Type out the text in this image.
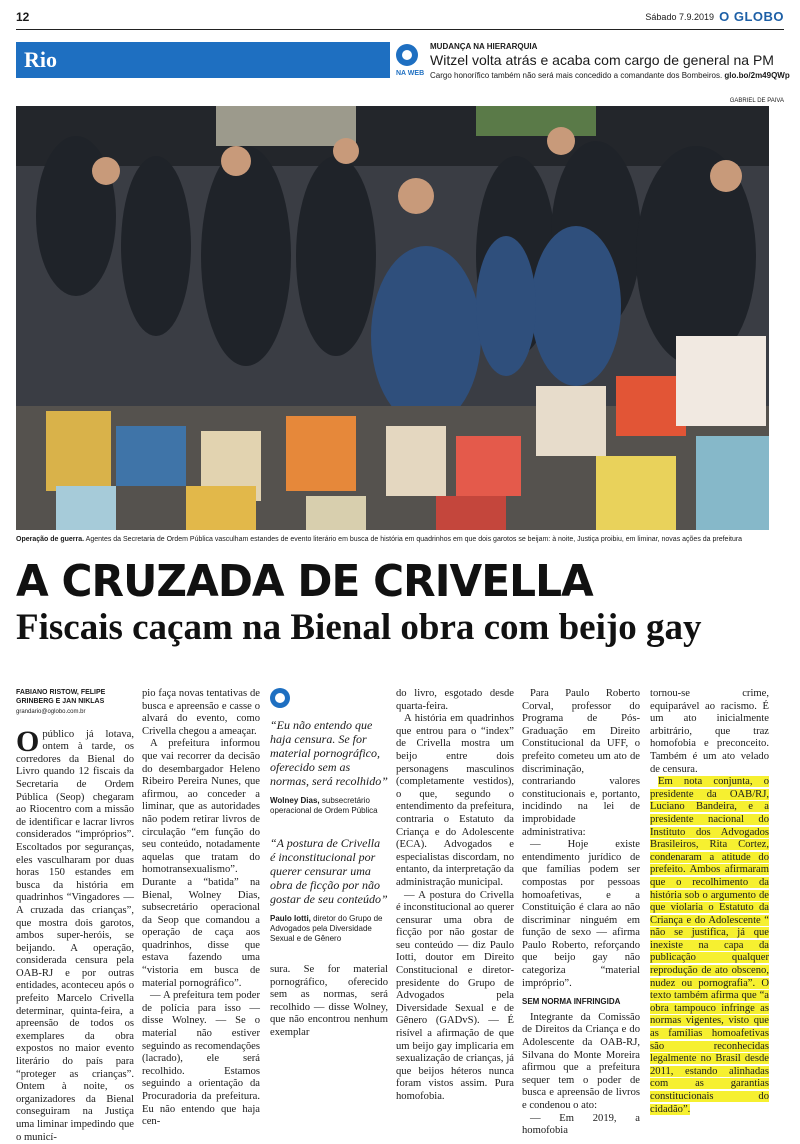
12	Sábado 7.9.2019 O GLOBO
Rio
NA WEB
MUDANÇA NA HIERARQUIA
Witzel volta atrás e acaba com cargo de general na PM
Cargo honorífico também não será mais concedido a comandante dos Bombeiros. glo.bo/2m49QWp
GABRIEL DE PAIVA
Operação de guerra. Agentes da Secretaria de Ordem Pública vasculham estandes de evento literário em busca de história em quadrinhos em que dois garotos se beijam: à noite, Justiça proibiu, em liminar, novas ações da prefeitura
A CRUZADA DE CRIVELLA
Fiscais caçam na Bienal obra com beijo gay
FABIANO RISTOW, FELIPE GRINBERG E JAN NIKLAS
grandario@oglobo.com.br

Opúblico já lotava, ontem à tarde, os corredores da Bienal do Livro quando 12 fiscais da Secretaria de Ordem Pública (Seop) chegaram ao Riocentro com a missão de identificar e lacrar livros considerados “impróprios”. Escoltados por seguranças, eles vasculharam por duas horas 150 estandes em busca da história em quadrinhos “Vingadores — A cruzada das crianças”, que mostra dois garotos, ambos super-heróis, se beijando. A operação, considerada censura pela OAB-RJ e por outras entidades, aconteceu após o prefeito Marcelo Crivella determinar, quinta-feira, a apreensão de todos os exemplares da obra expostos no maior evento literário do país para “proteger as crianças”. Ontem à noite, os organizadores da Bienal conseguiram na Justiça uma liminar impedindo que o municí-

pio faça novas tentativas de busca e apreensão e casse o alvará do evento, como Crivella chegou a ameaçar.

A prefeitura informou que vai recorrer da decisão do desembargador Heleno Ribeiro Pereira Nunes, que afirmou, ao conceder a liminar, que as autoridades não podem retirar livros de circulação “em função do seu conteúdo, notadamente aquelas que tratam do homotransexualismo”. Durante a “batida” na Bienal, Wolney Dias, subsecretário operacional da Seop que comandou a operação de caça aos quadrinhos, disse que estava fazendo uma “vistoria em busca de material pornográfico”.

— A prefeitura tem poder de polícia para isso — disse Wolney. — Se o material não estiver seguindo as recomendações (lacrado), ele será recolhido. Estamos seguindo a orientação da Procuradoria da prefeitura. Eu não entendo que haja cen-

“Eu não entendo que haja censura. Se for material pornográfico, oferecido sem as normas, será recolhido”
Wolney Dias, subsecretário operacional de Ordem Pública
“A postura de Crivella é inconstitucional por querer censurar uma obra de ficção por não gostar de seu conteúdo”
Paulo Iotti, diretor do Grupo de Advogados pela Diversidade Sexual e de Gênero

sura. Se for material pornográfico, oferecido sem as normas, será recolhido — disse Wolney, que não encontrou nenhum exemplar

do livro, esgotado desde quarta-feira.

A história em quadrinhos que entrou para o “index” de Crivella mostra um beijo entre dois personagens masculinos (completamente vestidos), o que, segundo o entendimento da prefeitura, contraria o Estatuto da Criança e do Adolescente (ECA). Advogados e especialistas discordam, no entanto, da interpretação da administração municipal.

— A postura do Crivella é inconstitucional ao querer censurar uma obra de ficção por não gostar de seu conteúdo — diz Paulo Iotti, doutor em Direito Constitucional e diretor-presidente do Grupo de Advogados pela Diversidade Sexual e de Gênero (GADvS). — É risível a afirmação de que um beijo gay implicaria em sexualização de crianças, já que beijos héteros nunca foram vistos assim. Pura homofobia.

Para Paulo Roberto Corval, professor do Programa de Pós-Graduação em Direito Constitucional da UFF, o prefeito cometeu um ato de discriminação, contrariando valores constitucionais e, portanto, incidindo na lei de improbidade administrativa:

— Hoje existe entendimento jurídico de que famílias podem ser compostas por pessoas homoafetivas, e a Constituição é clara ao não discriminar ninguém em função de sexo — afirma Paulo Roberto, reforçando que beijo gay não categoriza “material impróprio”.

SEM NORMA INFRINGIDA

Integrante da Comissão de Direitos da Criança e do Adolescente da OAB-RJ, Silvana do Monte Moreira afirmou que a prefeitura sequer tem o poder de busca e apreensão de livros e condenou o ato:

— Em 2019, a homofobia

tornou-se crime, equiparável ao racismo. É um ato inicialmente arbitrário, que traz homofobia e preconceito. Também é um ato velado de censura.

Em nota conjunta, o presidente da OAB/RJ, Luciano Bandeira, e a presidente nacional do Instituto dos Advogados Brasileiros, Rita Cortez, condenaram a atitude do prefeito. Ambos afirmaram que o recolhimento da história sob o argumento de que violaria o Estatuto da Criança e do Adolescente “ não se justifica, já que inexiste na capa da publicação qualquer reprodução de ato obsceno, nudez ou pornografia”. O texto também afirma que “a obra tampouco infringe as normas vigentes, visto que as famílias homoafetivas são reconhecidas legalmente no Brasil desde 2011, estando alinhadas com as garantias constitucionais do cidadão”.
